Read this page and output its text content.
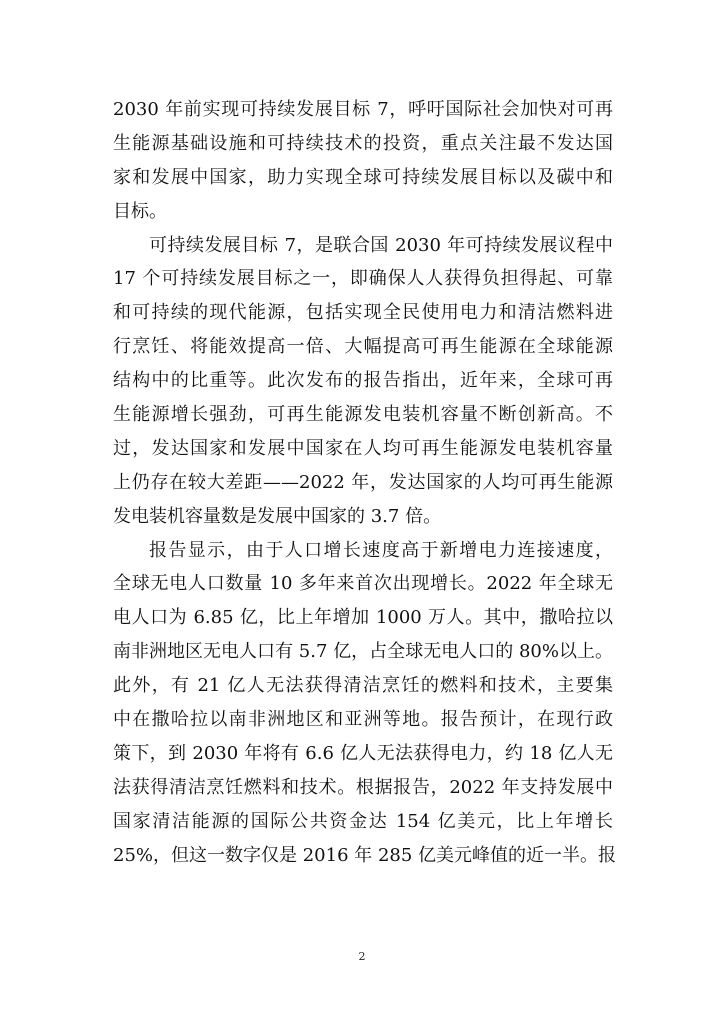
2030 年前实现可持续发展目标 7，呼吁国际社会加快对可再
生能源基础设施和可持续技术的投资，重点关注最不发达国
家和发展中国家，助力实现全球可持续发展目标以及碳中和
目标。
可持续发展目标 7，是联合国 2030 年可持续发展议程中
17 个可持续发展目标之一，即确保人人获得负担得起、可靠
和可持续的现代能源，包括实现全民使用电力和清洁燃料进
行烹饪、将能效提高一倍、大幅提高可再生能源在全球能源
结构中的比重等。此次发布的报告指出，近年来，全球可再
生能源增长强劲，可再生能源发电装机容量不断创新高。不
过，发达国家和发展中国家在人均可再生能源发电装机容量
上仍存在较大差距——2022 年，发达国家的人均可再生能源
发电装机容量数是发展中国家的 3.7 倍。
报告显示，由于人口增长速度高于新增电力连接速度，
全球无电人口数量 10 多年来首次出现增长。2022 年全球无
电人口为 6.85 亿，比上年增加 1000 万人。其中，撒哈拉以
南非洲地区无电人口有 5.7 亿，占全球无电人口的 80%以上。
此外，有 21 亿人无法获得清洁烹饪的燃料和技术，主要集
中在撒哈拉以南非洲地区和亚洲等地。报告预计，在现行政
策下，到 2030 年将有 6.6 亿人无法获得电力，约 18 亿人无
法获得清洁烹饪燃料和技术。根据报告，2022 年支持发展中
国家清洁能源的国际公共资金达 154 亿美元，比上年增长
25%，但这一数字仅是 2016 年 285 亿美元峰值的近一半。报
2
